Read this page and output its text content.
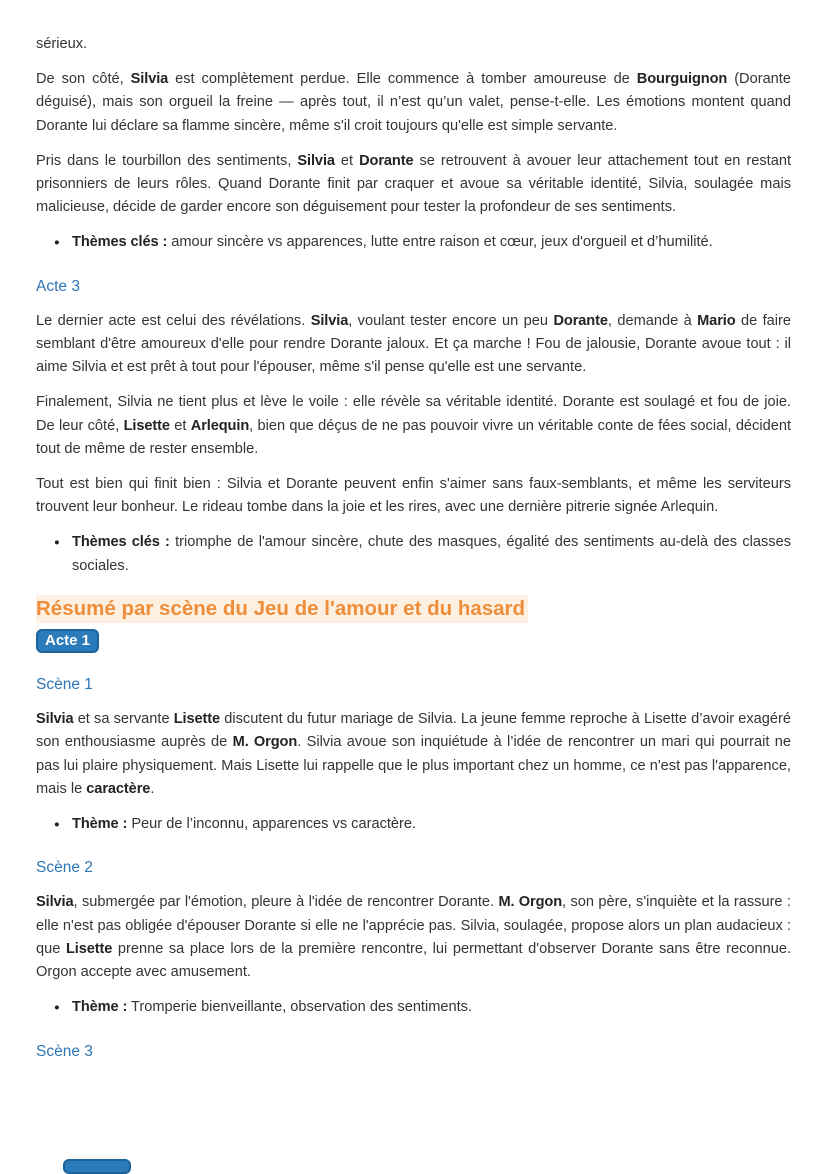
sérieux.

De son côté, Silvia est complètement perdue. Elle commence à tomber amoureuse de Bourguignon (Dorante déguisé), mais son orgueil la freine — après tout, il n’est qu’un valet, pense-t-elle. Les émotions montent quand Dorante lui déclare sa flamme sincère, même s'il croit toujours qu'elle est simple servante.

Pris dans le tourbillon des sentiments, Silvia et Dorante se retrouvent à avouer leur attachement tout en restant prisonniers de leurs rôles. Quand Dorante finit par craquer et avoue sa véritable identité, Silvia, soulagée mais malicieuse, décide de garder encore son déguisement pour tester la profondeur de ses sentiments.

● Thèmes clés : amour sincère vs apparences, lutte entre raison et cœur, jeux d'orgueil et d’humilité.
Acte 3

Le dernier acte est celui des révélations. Silvia, voulant tester encore un peu Dorante, demande à Mario de faire semblant d'être amoureux d'elle pour rendre Dorante jaloux. Et ça marche ! Fou de jalousie, Dorante avoue tout : il aime Silvia et est prêt à tout pour l'épouser, même s'il pense qu'elle est une servante.

Finalement, Silvia ne tient plus et lève le voile : elle révèle sa véritable identité. Dorante est soulagé et fou de joie. De leur côté, Lisette et Arlequin, bien que déçus de ne pas pouvoir vivre un véritable conte de fées social, décident tout de même de rester ensemble.

Tout est bien qui finit bien : Silvia et Dorante peuvent enfin s'aimer sans faux-semblants, et même les serviteurs trouvent leur bonheur. Le rideau tombe dans la joie et les rires, avec une dernière pitrerie signée Arlequin.

● Thèmes clés : triomphe de l'amour sincère, chute des masques, égalité des sentiments au-delà des classes sociales.
Résumé par scène du Jeu de l'amour et du hasard
Acte 1
Scène 1

Silvia et sa servante Lisette discutent du futur mariage de Silvia. La jeune femme reproche à Lisette d’avoir exagéré son enthousiasme auprès de M. Orgon. Silvia avoue son inquiétude à l’idée de rencontrer un mari qui pourrait ne pas lui plaire physiquement. Mais Lisette lui rappelle que le plus important chez un homme, ce n'est pas l'apparence, mais le caractère.

● Thème : Peur de l’inconnu, apparences vs caractère.
Scène 2

Silvia, submergée par l'émotion, pleure à l'idée de rencontrer Dorante. M. Orgon, son père, s'inquiète et la rassure : elle n'est pas obligée d'épouser Dorante si elle ne l'apprécie pas. Silvia, soulagée, propose alors un plan audacieux : que Lisette prenne sa place lors de la première rencontre, lui permettant d'observer Dorante sans être reconnue. Orgon accepte avec amusement.

● Thème : Tromperie bienveillante, observation des sentiments.
Scène 3
